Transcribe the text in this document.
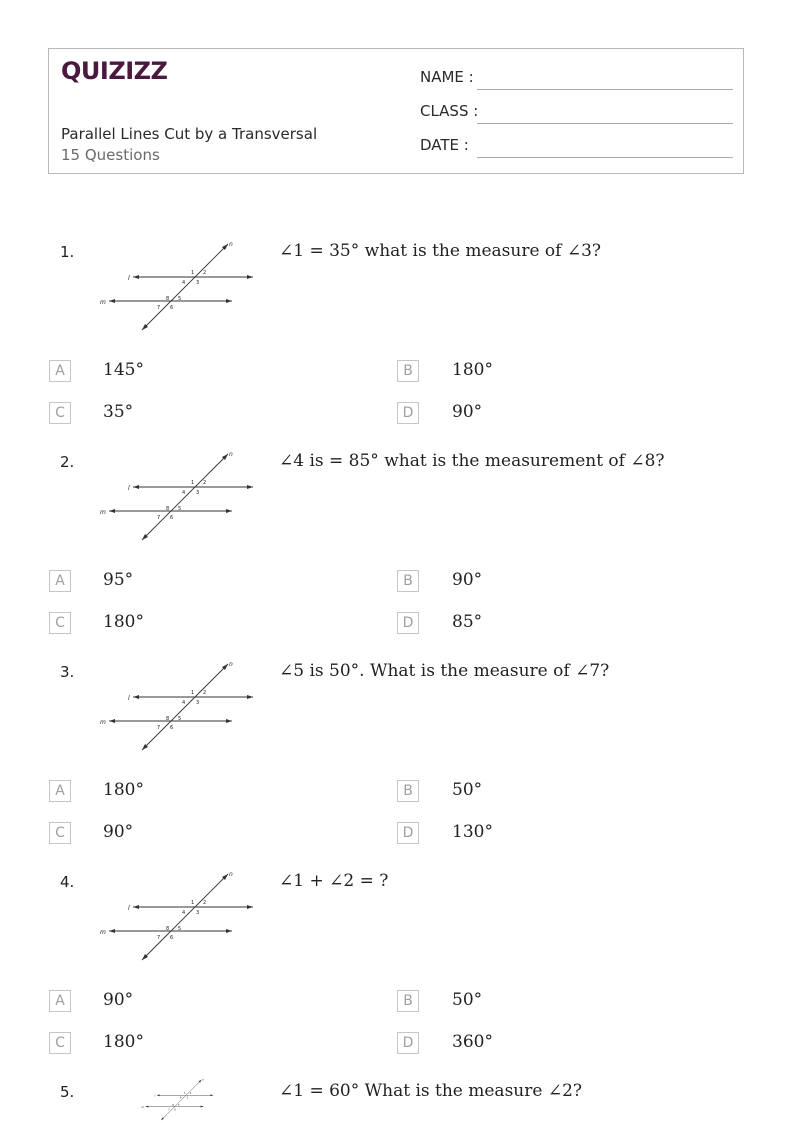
QUIZIZZ
Parallel Lines Cut by a Transversal
15 Questions
NAME :
CLASS :
DATE :
1.	n
l
m
1 2
4 3
8 5
7 6
∠1 = 35° what is the measure of ∠3?
A	145°	B	180°
C	35°	D	90°
2.	n
l
m
1 2
4 3
8 5
7 6
∠4 is = 85° what is the measurement of ∠8?
A	95°	B	90°
C	180°	D	85°
3.	n
l
m
1 2
4 3
8 5
7 6
∠5 is 50°. What is the measure of ∠7?
A	180°	B	50°
C	90°	D	130°
4.	n
l
m
1 2
4 3
8 5
7 6
∠1 + ∠2 = ?
A	90°	B	50°
C	180°	D	360°
5.
n
l
m
1 2
4 3
8 5
7 6
∠1 = 60° What is the measure ∠2?
